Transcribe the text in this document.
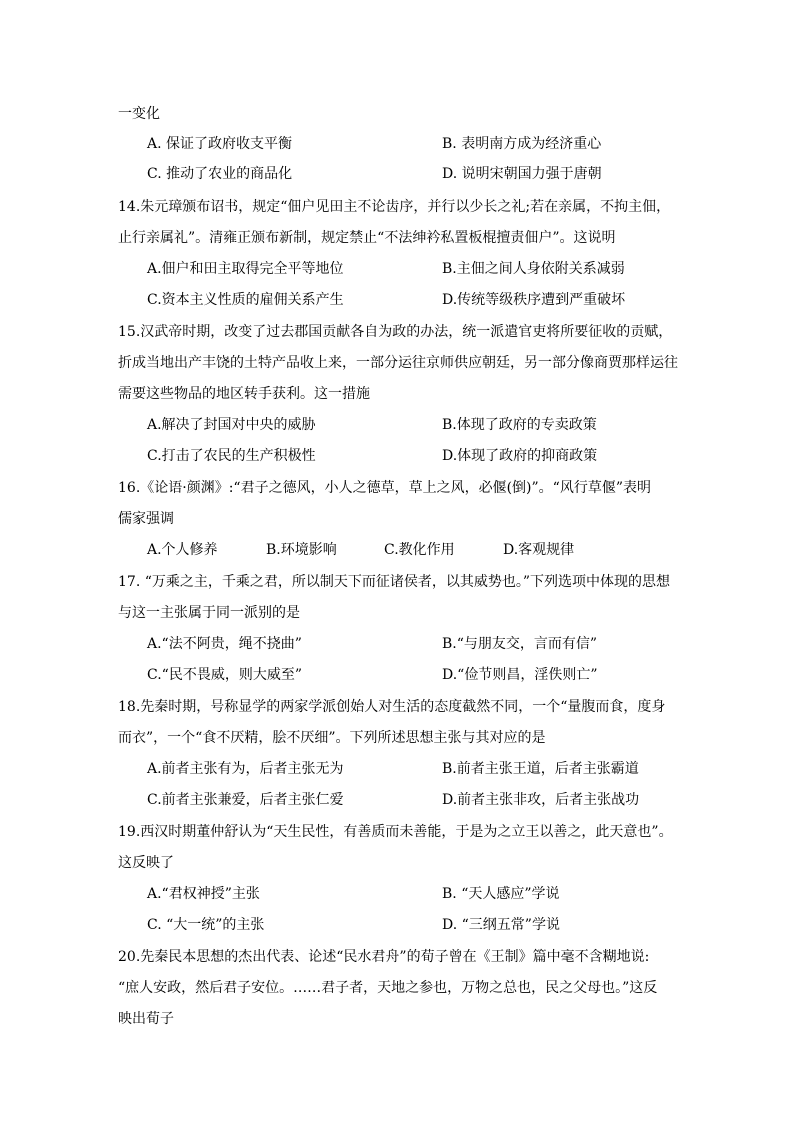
一变化
A. 保证了政府收支平衡	B. 表明南方成为经济重心
C. 推动了农业的商品化	D. 说明宋朝国力强于唐朝
14.朱元璋颁布诏书，规定“佃户见田主不论齿序，并行以少长之礼;若在亲属，不拘主佃，
止行亲属礼”。清雍正颁布新制，规定禁止“不法绅衿私置板棍擅责佃户”。这说明
A.佃户和田主取得完全平等地位	B.主佃之间人身依附关系减弱
C.资本主义性质的雇佣关系产生	D.传统等级秩序遭到严重破坏
15.汉武帝时期，改变了过去郡国贡献各自为政的办法，统一派遣官吏将所要征收的贡赋，
折成当地出产丰饶的土特产品收上来，一部分运往京师供应朝廷，另一部分像商贾那样运往
需要这些物品的地区转手获利。这一措施
A.解决了封国对中央的威胁	B.体现了政府的专卖政策
C.打击了农民的生产积极性	D.体现了政府的抑商政策
16.《论语·颜渊》:“君子之德风，小人之德草，草上之风，必偃(倒)”。“风行草偃”表明
儒家强调
A.个人修养	B.环境影响	C.教化作用	D.客观规律
17. “万乘之主，千乘之君，所以制天下而征诸侯者，以其威势也。”下列选项中体现的思想
与这一主张属于同一派别的是
A.“法不阿贵，绳不挠曲”	B.“与朋友交，言而有信”
C.“民不畏威，则大威至”	D.“俭节则昌，淫佚则亡”
18.先秦时期，号称显学的两家学派创始人对生活的态度截然不同，一个“量腹而食，度身
而衣”，一个“食不厌精，脍不厌细”。下列所述思想主张与其对应的是
A.前者主张有为，后者主张无为	B.前者主张王道，后者主张霸道
C.前者主张兼爱，后者主张仁爱	D.前者主张非攻，后者主张战功
19.西汉时期董仲舒认为“天生民性，有善质而未善能，于是为之立王以善之，此天意也”。
这反映了
A.“君权神授”主张	B. “天人感应”学说
C. “大一统”的主张	D. “三纲五常”学说
20.先秦民本思想的杰出代表、论述“民水君舟”的荀子曾在《王制》篇中毫不含糊地说:
“庶人安政，然后君子安位。……君子者，天地之参也，万物之总也，民之父母也。”这反
映出荀子
